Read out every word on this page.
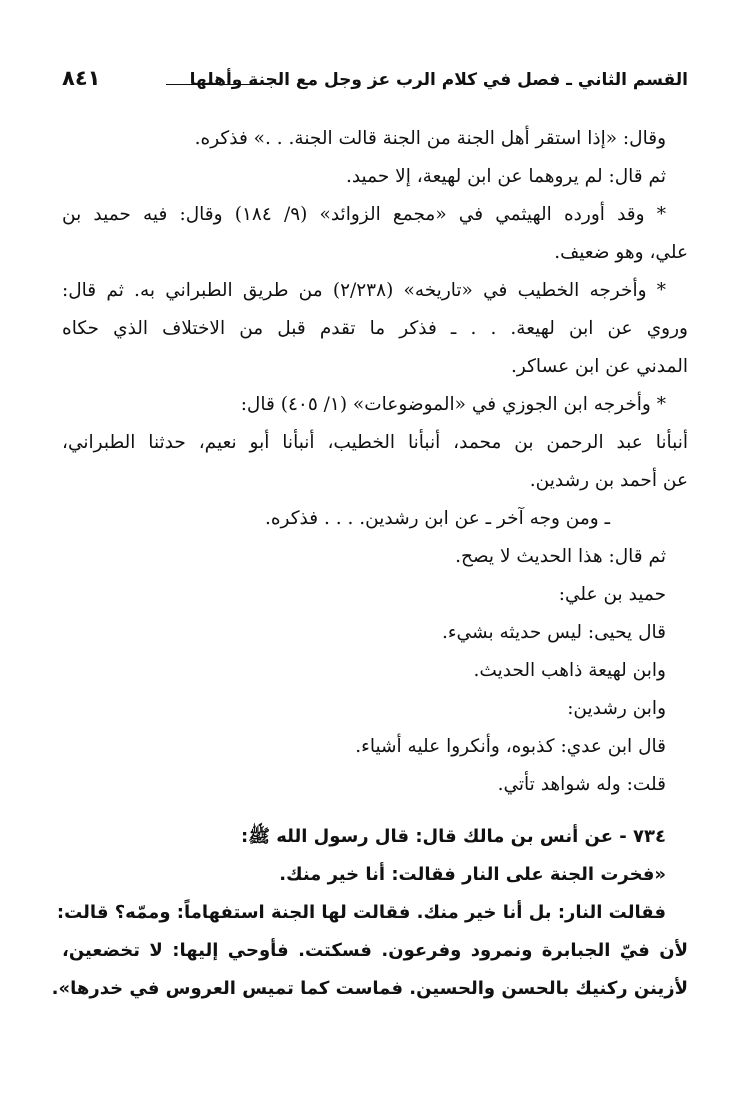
القسم الثاني ـ فصل في كلام الرب عز وجل مع الجنة وأهلها
٨٤١
وقال: «إذا استقر أهل الجنة من الجنة قالت الجنة. . .» فذكره.
ثم قال: لم يروهما عن ابن لهيعة، إلا حميد.
* وقد أورده الهيثمي في «مجمع الزوائد» (٩/ ١٨٤) وقال: فيه حميد بن
علي، وهو ضعيف.
* وأخرجه الخطيب في «تاريخه» (٢/٢٣٨) من طريق الطبراني به. ثم قال:
وروي عن ابن لهيعة. . . ـ فذكر ما تقدم قبل من الاختلاف الذي حكاه
المدني عن ابن عساكر.
* وأخرجه ابن الجوزي في «الموضوعات» (١/ ٤٠٥) قال:
أنبأنا عبد الرحمن بن محمد، أنبأنا الخطيب، أنبأنا أبو نعيم، حدثنا الطبراني،
عن أحمد بن رشدين.
ـ ومن وجه آخر ـ عن ابن رشدين. . . . فذكره.
ثم قال: هذا الحديث لا يصح.
حميد بن علي:
قال يحيى: ليس حديثه بشيء.
وابن لهيعة ذاهب الحديث.
وابن رشدين:
قال ابن عدي: كذبوه، وأنكروا عليه أشياء.
قلت: وله شواهد تأتي.
٧٣٤ - عن أنس بن مالك قال: قال رسول الله ﷺ:
«فخرت الجنة على النار فقالت: أنا خير منك.
فقالت النار: بل أنا خير منك. فقالت لها الجنة استفهاماً: وممّه؟ قالت:
لأن فيّ الجبابرة ونمرود وفرعون. فسكتت. فأوحي إليها: لا تخضعين،
لأزينن ركنيك بالحسن والحسين. فماست كما تميس العروس في خدرها».
